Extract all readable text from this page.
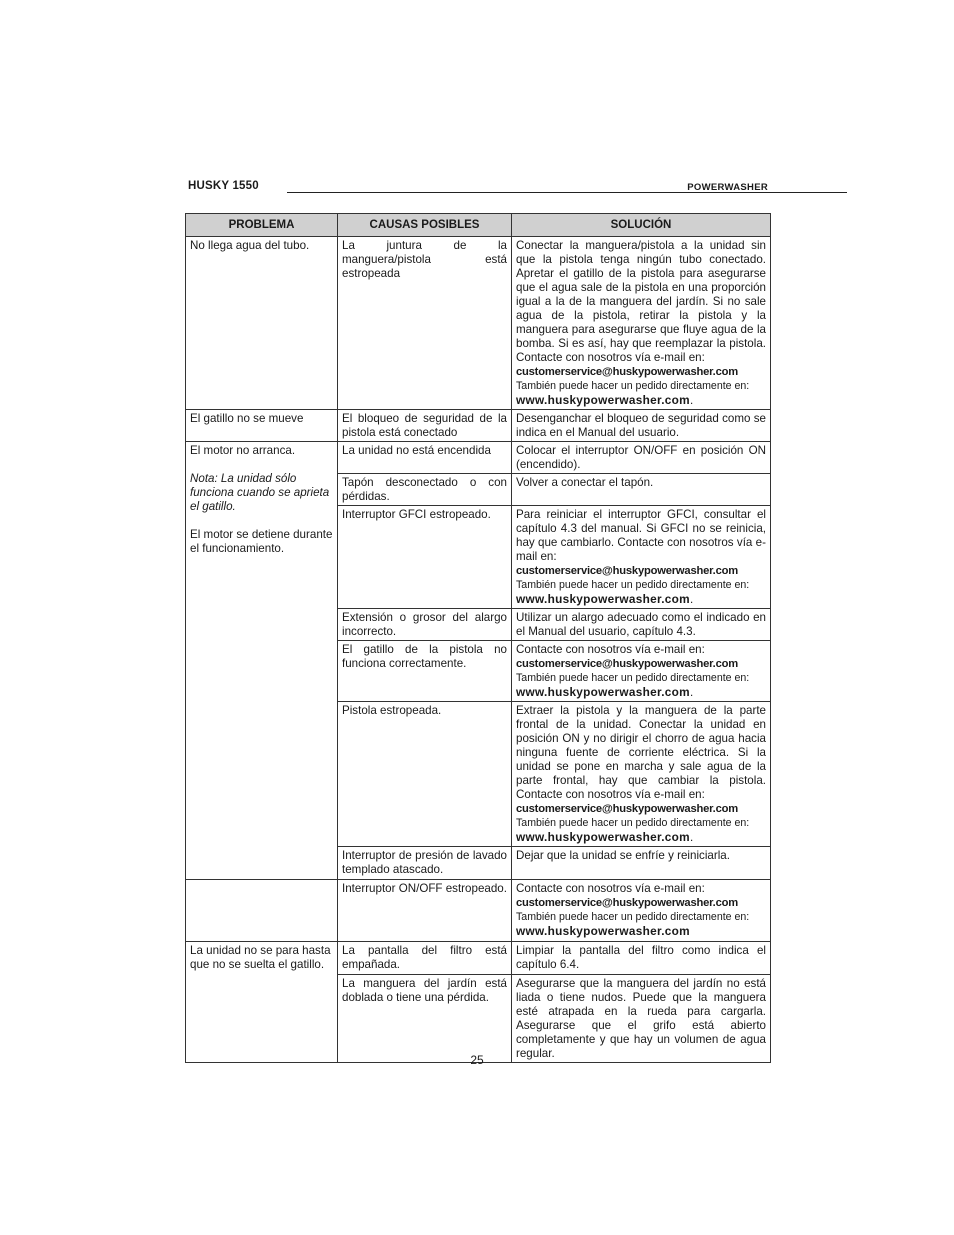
HUSKY 1550	POWERWASHER
PROBLEMA	CAUSAS POSIBLES	SOLUCIÓN
No llega agua del tubo.	La juntura de la manguera/pistola está estropeada	Conectar la manguera/pistola a la unidad sin que la pistola tenga ningún tubo conectado. Apretar el gatillo de la pistola para asegurarse que el agua sale de la pistola en una proporción igual a la de la manguera del jardín. Si no sale agua de la pistola, retirar la pistola y la manguera para asegurarse que fluye agua de la bomba. Si es así, hay que reemplazar la pistola. Contacte con nosotros vía e-mail en:
customerservice@huskypowerwasher.com
También puede hacer un pedido directamente en:
www.huskypowerwasher.com.
El gatillo no se mueve	El bloqueo de seguridad de la pistola está conectado	Desenganchar el bloqueo de seguridad como se indica en el Manual del usuario.
El motor no arranca.
Nota: La unidad sólo funciona cuando se aprieta el gatillo.
El motor se detiene durante el funcionamiento.	La unidad no está encendida	Colocar el interruptor ON/OFF en posición ON (encendido).
	Tapón desconectado o con pérdidas.	Volver a conectar el tapón.
	Interruptor GFCI estropeado.	Para reiniciar el interruptor GFCI, consultar el capítulo 4.3 del manual. Si GFCI no se reinicia, hay que cambiarlo. Contacte con nosotros vía e-mail en:
customerservice@huskypowerwasher.com
También puede hacer un pedido directamente en:
www.huskypowerwasher.com.
	Extensión o grosor del alargo incorrecto.	Utilizar un alargo adecuado como el indicado en el Manual del usuario, capítulo 4.3.
	El gatillo de la pistola no funciona correctamente.	Contacte con nosotros vía e-mail en:
customerservice@huskypowerwasher.com
También puede hacer un pedido directamente en:
www.huskypowerwasher.com.
	Pistola estropeada.	Extraer la pistola y la manguera de la parte frontal de la unidad. Conectar la unidad en posición ON y no dirigir el chorro de agua hacia ninguna fuente de corriente eléctrica. Si la unidad se pone en marcha y sale agua de la parte frontal, hay que cambiar la pistola. Contacte con nosotros vía e-mail en:
customerservice@huskypowerwasher.com
También puede hacer un pedido directamente en:
www.huskypowerwasher.com.
	Interruptor de presión de lavado templado atascado.	Dejar que la unidad se enfríe y reiniciarla.
	Interruptor ON/OFF estropeado.	Contacte con nosotros vía e-mail en:
customerservice@huskypowerwasher.com
También puede hacer un pedido directamente en:
www.huskypowerwasher.com
La unidad no se para hasta que no se suelta el gatillo.	La pantalla del filtro está empañada.	Limpiar la pantalla del filtro como indica el capítulo 6.4.
	La manguera del jardín está doblada o tiene una pérdida.	Asegurarse que la manguera del jardín no está liada o tiene nudos. Puede que la manguera esté atrapada en la rueda para cargarla. Asegurarse que el grifo está abierto completamente y que hay un volumen de agua regular.
25
